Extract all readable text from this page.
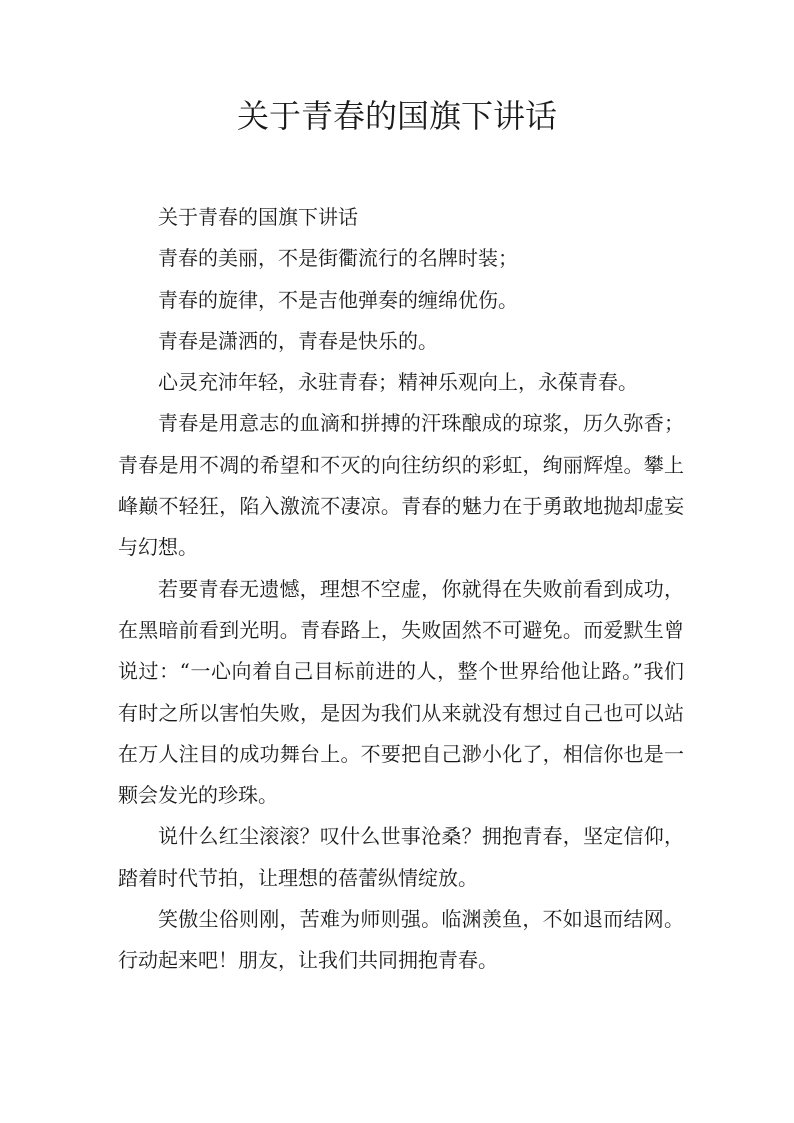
关于青春的国旗下讲话

关于青春的国旗下讲话

青春的美丽，不是街衢流行的名牌时装；

青春的旋律，不是吉他弹奏的缠绵优伤。

青春是潇洒的，青春是快乐的。

心灵充沛年轻，永驻青春；精神乐观向上，永葆青春。

青春是用意志的血滴和拼搏的汗珠酿成的琼浆，历久弥香；青春是用不凋的希望和不灭的向往纺织的彩虹，绚丽辉煌。攀上峰巅不轻狂，陷入激流不凄凉。青春的魅力在于勇敢地抛却虚妄与幻想。

若要青春无遗憾，理想不空虚，你就得在失败前看到成功，在黑暗前看到光明。青春路上，失败固然不可避免。而爱默生曾说过：“一心向着自己目标前进的人，整个世界给他让路。”我们有时之所以害怕失败，是因为我们从来就没有想过自己也可以站在万人注目的成功舞台上。不要把自己渺小化了，相信你也是一颗会发光的珍珠。

说什么红尘滚滚？叹什么世事沧桑？拥抱青春，坚定信仰，踏着时代节拍，让理想的蓓蕾纵情绽放。

笑傲尘俗则刚，苦难为师则强。临渊羡鱼，不如退而结网。行动起来吧！朋友，让我们共同拥抱青春。
